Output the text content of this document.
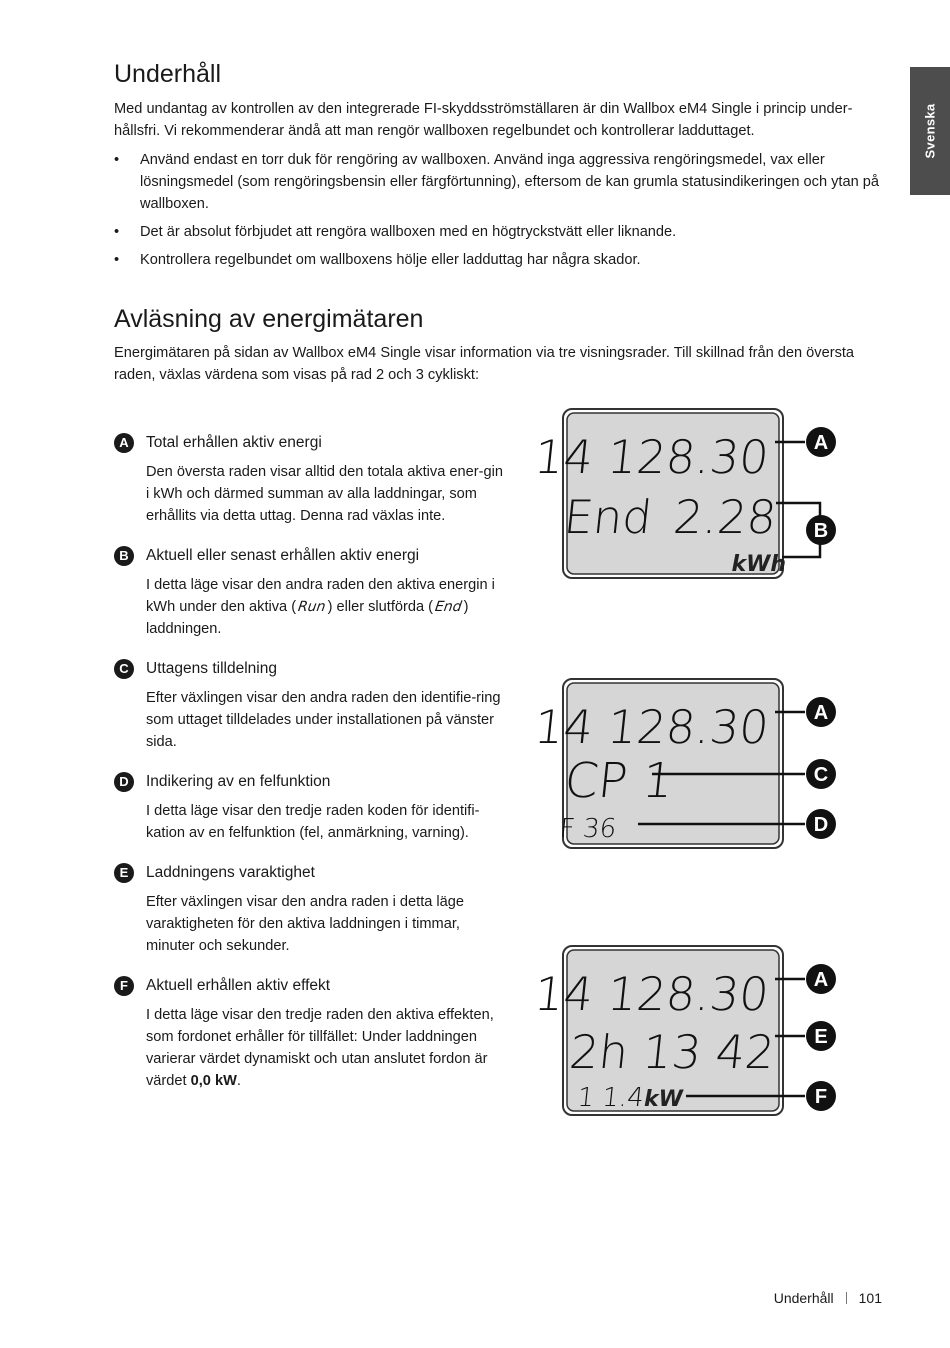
Svenska
Underhåll

Med undantag av kontrollen av den integrerade FI-skyddsströmställaren är din Wallbox eM4 Single i princip under-
hållsfri. Vi rekommenderar ändå att man rengör wallboxen regelbundet och kontrollerar ladduttaget.

• Använd endast en torr duk för rengöring av wallboxen. Använd inga aggressiva rengöringsmedel, vax eller lösningsmedel (som rengöringsbensin eller färgförtunning), eftersom de kan grumla statusindikeringen och ytan på wallboxen.
• Det är absolut förbjudet att rengöra wallboxen med en högtryckstvätt eller liknande.
• Kontrollera regelbundet om wallboxens hölje eller ladduttag har några skador.
Avläsning av energimätaren

Energimätaren på sidan av Wallbox eM4 Single visar information via tre visningsrader. Till skillnad från den översta raden, växlas värdena som visas på rad 2 och 3 cykliskt:

A	Total erhållen aktiv energi
Den översta raden visar alltid den totala aktiva ener-gin i kWh och därmed summan av alla laddningar, som erhållits via detta uttag. Denna rad växlas inte.
B	Aktuell eller senast erhållen aktiv energi
I detta läge visar den andra raden den aktiva energin i kWh under den aktiva (Run) eller slutförda (End) laddningen.
C	Uttagens tilldelning
Efter växlingen visar den andra raden den identifie-ring som uttaget tilldelades under installationen på vänster sida.
D	Indikering av en felfunktion
I detta läge visar den tredje raden koden för identifi-kation av en felfunktion (fel, anmärkning, varning).
E	Laddningens varaktighet
Efter växlingen visar den andra raden i detta läge varaktigheten för den aktiva laddningen i timmar, minuter och sekunder.
F	Aktuell erhållen aktiv effekt
I detta läge visar den tredje raden den aktiva effekten, som fordonet erhåller för tillfället: Under laddningen varierar värdet dynamiskt och utan anslutet fordon är värdet 0,0 kW.
14 128.30
End 2.28
kWh
A
B
14 128.30
CP 1
F 36
A
C
D
14 128.30
2h 13 42
1 1.4
kW
A
E
F
Underhåll 101
